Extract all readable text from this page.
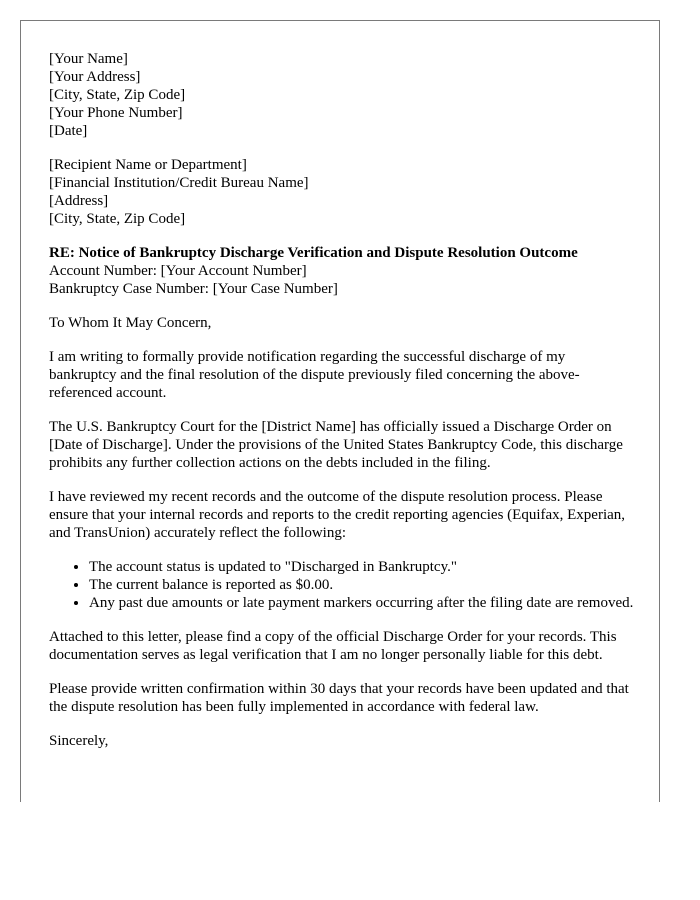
[Your Name]
[Your Address]
[City, State, Zip Code]
[Your Phone Number]
[Date]
[Recipient Name or Department]
[Financial Institution/Credit Bureau Name]
[Address]
[City, State, Zip Code]
RE: Notice of Bankruptcy Discharge Verification and Dispute Resolution Outcome
Account Number: [Your Account Number]
Bankruptcy Case Number: [Your Case Number]

To Whom It May Concern,

I am writing to formally provide notification regarding the successful discharge of my bankruptcy and the final resolution of the dispute previously filed concerning the above-referenced account.

The U.S. Bankruptcy Court for the [District Name] has officially issued a Discharge Order on [Date of Discharge]. Under the provisions of the United States Bankruptcy Code, this discharge prohibits any further collection actions on the debts included in the filing.

I have reviewed my recent records and the outcome of the dispute resolution process. Please ensure that your internal records and reports to the credit reporting agencies (Equifax, Experian, and TransUnion) accurately reflect the following:

• The account status is updated to "Discharged in Bankruptcy."
• The current balance is reported as $0.00.
• Any past due amounts or late payment markers occurring after the filing date are removed.

Attached to this letter, please find a copy of the official Discharge Order for your records. This documentation serves as legal verification that I am no longer personally liable for this debt.

Please provide written confirmation within 30 days that your records have been updated and that the dispute resolution has been fully implemented in accordance with federal law.

Sincerely,
